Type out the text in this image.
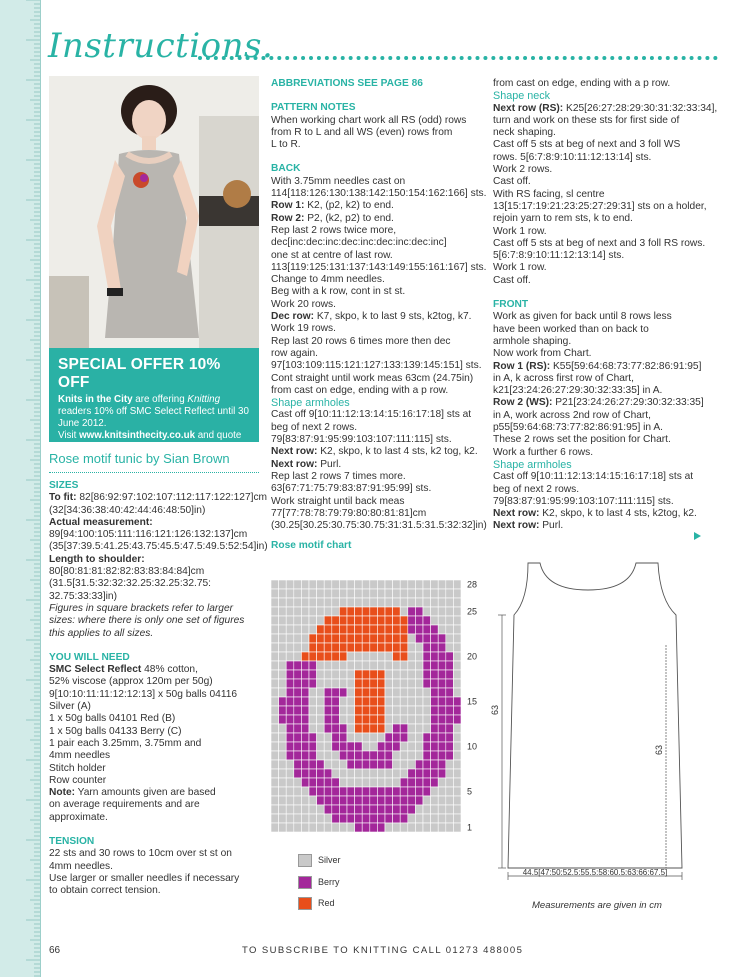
Instructions.
SPECIAL OFFER 10% OFF

Knits in the City are offering Knitting readers 10% off SMC Select Reflect until 30 June 2012.
Visit www.knitsinthecity.co.uk and quote KN103 to receive your discount.

Rose motif tunic by Sian Brown
SIZES
To fit: 82[86:92:97:102:107:112:117:122:127]cm
(32[34:36:38:40:42:44:46:48:50]in)
Actual measurement:
89[94:100:105:111:116:121:126:132:137]cm
(35[37:39.5:41.25:43.75:45.5:47.5:49.5:52:54]in)
Length to shoulder:
80[80:81:81:82:82:83:83:84:84]cm
(31.5[31.5:32:32:32.25:32.25:32.75:
32.75:33:33]in)
Figures in square brackets refer to larger
sizes: where there is only one set of figures
this applies to all sizes.
YOU WILL NEED
SMC Select Reflect 48% cotton,
52% viscose (approx 120m per 50g)
9[10:10:11:11:12:12:13] x 50g balls 04116
Silver (A)
1 x 50g balls 04101 Red (B)
1 x 50g balls 04133 Berry (C)
1 pair each 3.25mm, 3.75mm and
4mm needles
Stitch holder
Row counter
Note: Yarn amounts given are based
on average requirements and are
approximate.
TENSION
22 sts and 30 rows to 10cm over st st on
4mm needles.
Use larger or smaller needles if necessary
to obtain correct tension.
ABBREVIATIONS SEE PAGE 86
PATTERN NOTES
When working chart work all RS (odd) rows
from R to L and all WS (even) rows from
L to R.
BACK
With 3.75mm needles cast on
114[118:126:130:138:142:150:154:162:166] sts.
Row 1: K2, (p2, k2) to end.
Row 2: P2, (k2, p2) to end.
Rep last 2 rows twice more,
dec[inc:dec:inc:dec:inc:dec:inc:dec:inc]
one st at centre of last row.
113[119:125:131:137:143:149:155:161:167] sts.
Change to 4mm needles.
Beg with a k row, cont in st st.
Work 20 rows.
Dec row: K7, skpo, k to last 9 sts, k2tog, k7.
Work 19 rows.
Rep last 20 rows 6 times more then dec
row again.
97[103:109:115:121:127:133:139:145:151] sts.
Cont straight until work meas 63cm (24.75in)
from cast on edge, ending with a p row.
Shape armholes
Cast off 9[10:11:12:13:14:15:16:17:18] sts at
beg of next 2 rows.
79[83:87:91:95:99:103:107:111:115] sts.
Next row: K2, skpo, k to last 4 sts, k2 tog, k2.
Next row: Purl.
Rep last 2 rows 7 times more.
63[67:71:75:79:83:87:91:95:99] sts.
Work straight until back meas
77[77:78:78:79:79:80:80:81:81]cm
(30.25[30.25:30.75:30.75:31:31.5:31.5:32:32]in)
Rose motif chart
from cast on edge, ending with a p row.
Shape neck
Next row (RS): K25[26:27:28:29:30:31:32:33:34],
turn and work on these sts for first side of
neck shaping.
Cast off 5 sts at beg of next and 3 foll WS
rows. 5[6:7:8:9:10:11:12:13:14] sts.
Work 2 rows.
Cast off.
With RS facing, sl centre
13[15:17:19:21:23:25:27:29:31] sts on a holder,
rejoin yarn to rem sts, k to end.
Work 1 row.
Cast off 5 sts at beg of next and 3 foll RS rows.
5[6:7:8:9:10:11:12:13:14] sts.
Work 1 row.
Cast off.
FRONT
Work as given for back until 8 rows less
have been worked than on back to
armhole shaping.
Now work from Chart.
Row 1 (RS): K55[59:64:68:73:77:82:86:91:95]
in A, k across first row of Chart,
k21[23:24:26:27:29:30:32:33:35] in A.
Row 2 (WS): P21[23:24:26:27:29:30:32:33:35]
in A, work across 2nd row of Chart,
p55[59:64:68:73:77:82:86:91:95] in A.
These 2 rows set the position for Chart.
Work a further 6 rows.
Shape armholes
Cast off 9[10:11:12:13:14:15:16:17:18] sts at
beg of next 2 rows.
79[83:87:91:95:99:103:107:111:115] sts.
Next row: K2, skpo, k to last 4 sts, k2tog, k2.
Next row: Purl.
28
25
20
15
10
5
1
Silver
Berry
Red
63
63
44.5[47:50:52.5:55.5:58:60.5:63:66:67.5]
Measurements are given in cm
66	TO SUBSCRIBE TO KNITTING CALL 01273 488005
